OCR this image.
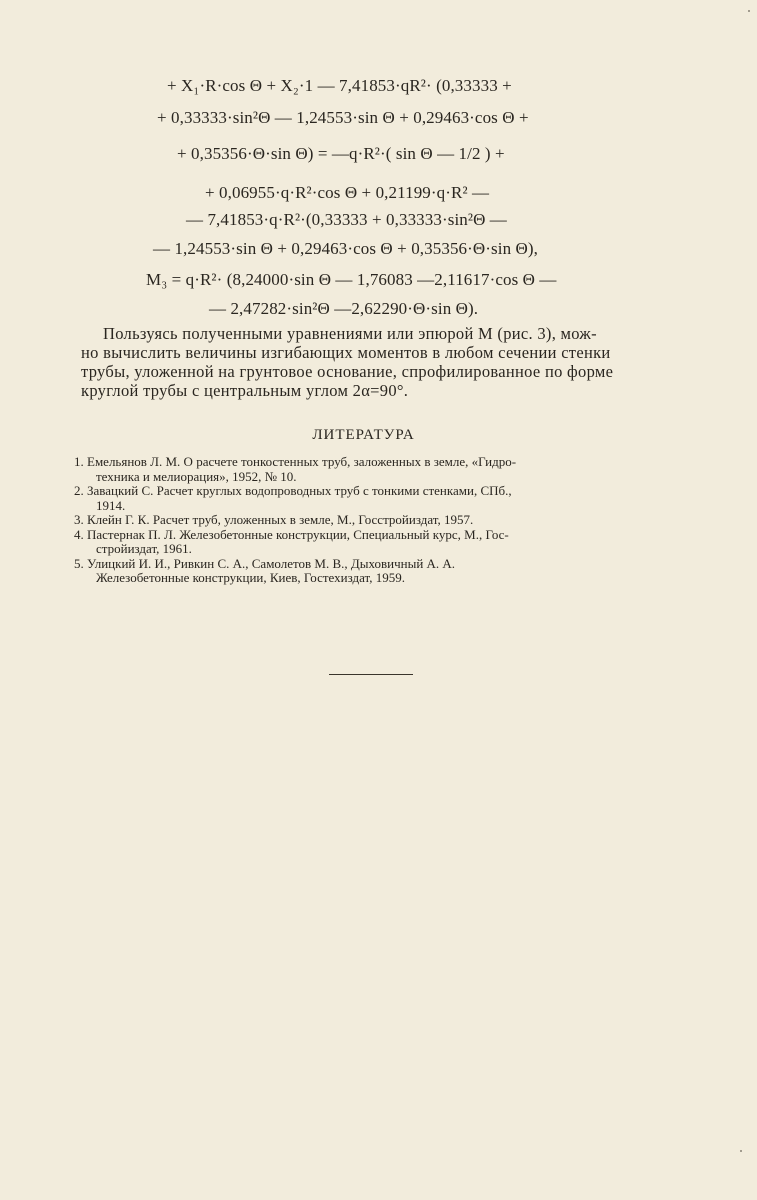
+ X₁·R·cos Θ + X₂·1 — 7,41853·qR²· (0,33333 +
+ 0,33333·sin²Θ — 1,24553·sin Θ + 0,29463·cos Θ +
+ 0,35356·Θ·sin Θ) = —q·R²·( sin Θ — 1/2 ) +
+ 0,06955·q·R²·cos Θ + 0,21199·q·R² —
— 7,41853·q·R²·(0,33333 + 0,33333·sin²Θ —
— 1,24553·sin Θ + 0,29463·cos Θ + 0,35356·Θ·sin Θ),
M₃ = q·R²· (8,24000·sin Θ — 1,76083 —2,11617·cos Θ —
— 2,47282·sin²Θ —2,62290·Θ·sin Θ).
Пользуясь полученными уравнениями или эпюрой M (рис. 3), мож-
но вычислить величины изгибающих моментов в любом сечении стенки
трубы, уложенной на грунтовое основание, спрофилированное по форме
круглой трубы с центральным углом 2α=90°.
ЛИТЕРАТУРА
1. Емельянов Л. М. О расчете тонкостенных труб, заложенных в земле, «Гидро-
техника и мелиорация», 1952, № 10.
2. Завацкий С. Расчет круглых водопроводных труб с тонкими стенками, СПб.,
1914.
3. Клейн Г. К. Расчет труб, уложенных в земле, М., Госстройиздат, 1957.
4. Пастернак П. Л. Железобетонные конструкции, Специальный курс, М., Гос-
стройиздат, 1961.
5. Улицкий И. И., Ривкин С. А., Самолетов М. В., Дыховичный А. А.
Железобетонные конструкции, Киев, Гостехиздат, 1959.
